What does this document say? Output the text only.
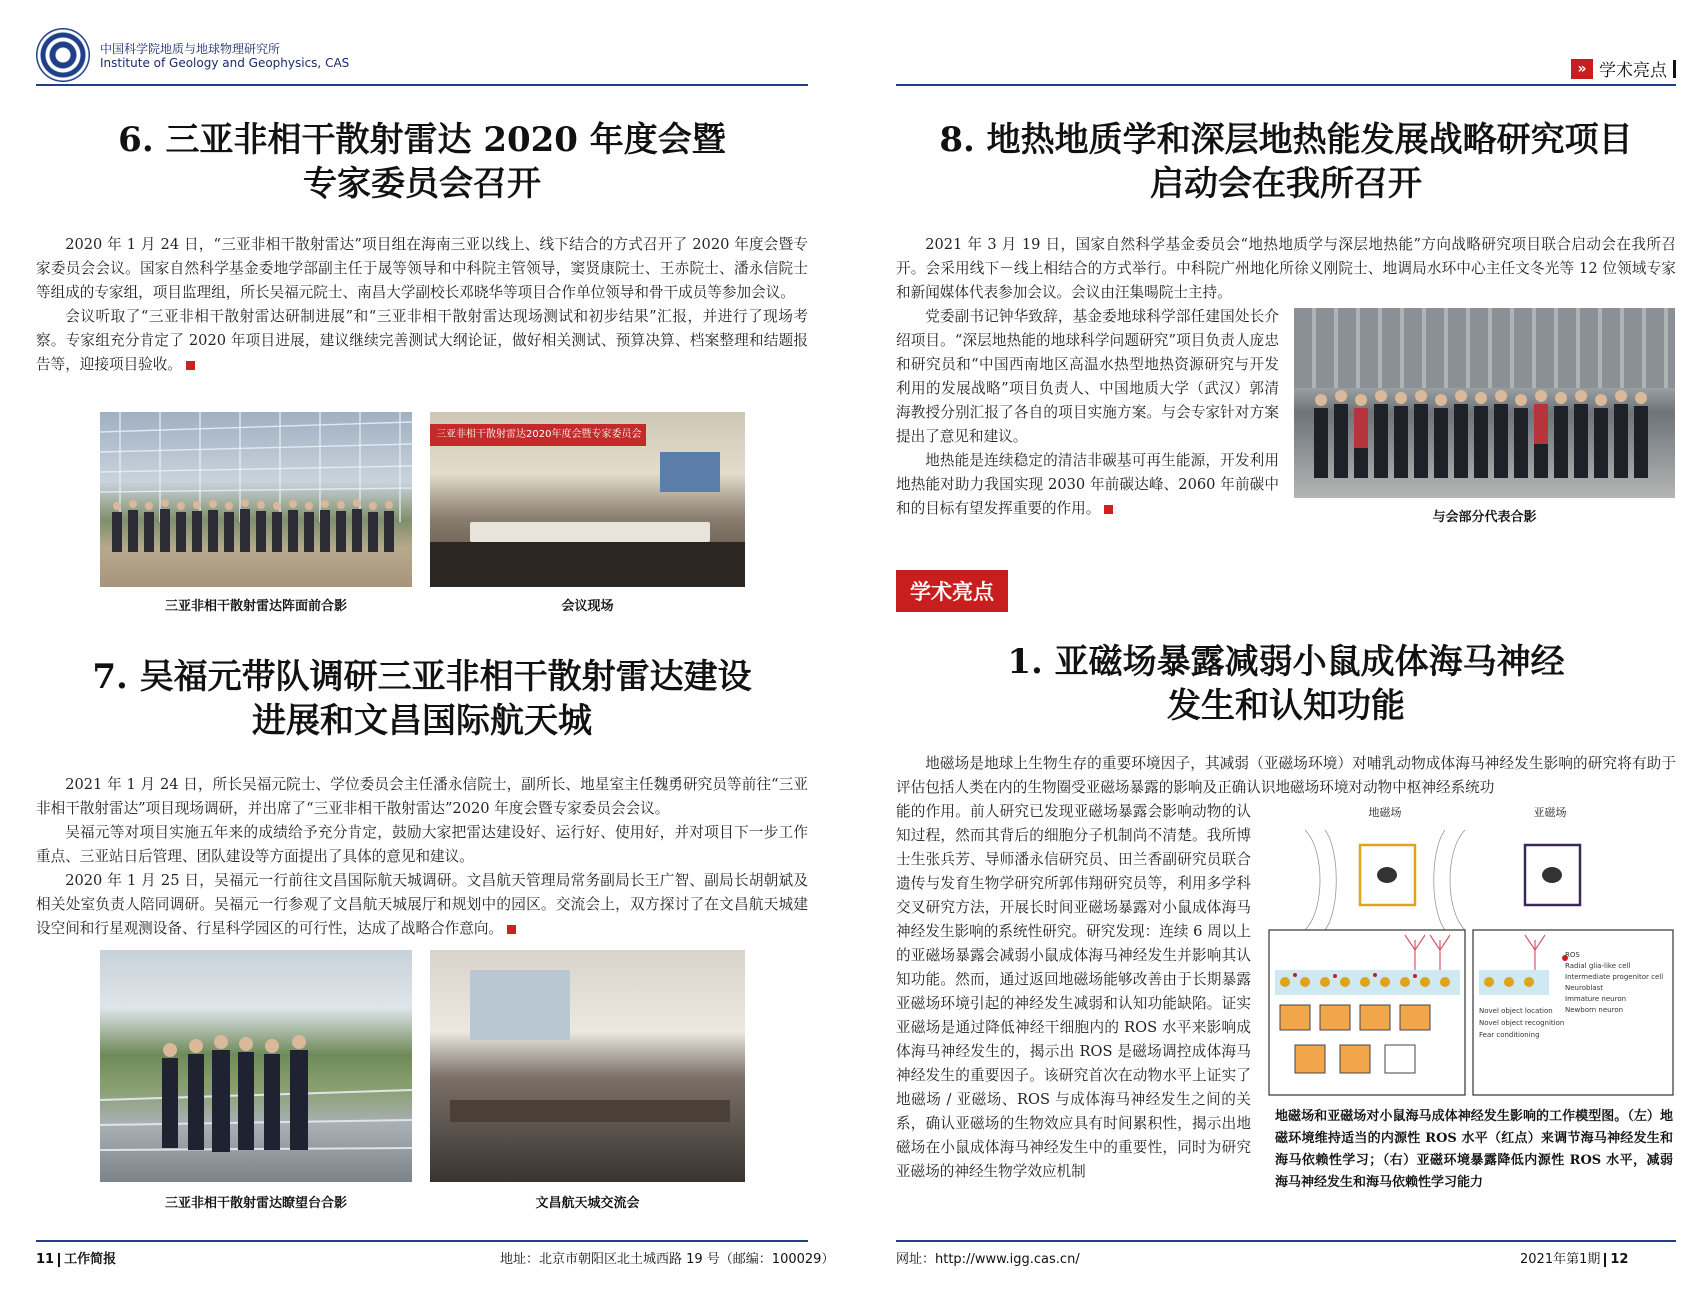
中国科学院地质与地球物理研究所
Institute of Geology and Geophysics, CAS
6. 三亚非相干散射雷达 2020 年度会暨
专家委员会召开

2020 年 1 月 24 日，“三亚非相干散射雷达”项目组在海南三亚以线上、线下结合的方式召开了 2020 年度会暨专家委员会会议。国家自然科学基金委地学部副主任于晟等领导和中科院主管领导，窦贤康院士、王赤院士、潘永信院士等组成的专家组，项目监理组，所长吴福元院士、南昌大学副校长邓晓华等项目合作单位领导和骨干成员等参加会议。

会议听取了“三亚非相干散射雷达研制进展”和“三亚非相干散射雷达现场测试和初步结果”汇报，并进行了现场考察。专家组充分肯定了 2020 年项目进展，建议继续完善测试大纲论证，做好相关测试、预算决算、档案整理和结题报告等，迎接项目验收。

三亚非相干散射雷达阵面前合影
三亚非相干散射雷达2020年度会暨专家委员会
会议现场
7. 吴福元带队调研三亚非相干散射雷达建设
进展和文昌国际航天城

2021 年 1 月 24 日，所长吴福元院士、学位委员会主任潘永信院士，副所长、地星室主任魏勇研究员等前往“三亚非相干散射雷达”项目现场调研，并出席了“三亚非相干散射雷达”2020 年度会暨专家委员会会议。

吴福元等对项目实施五年来的成绩给予充分肯定，鼓励大家把雷达建设好、运行好、使用好，并对项目下一步工作重点、三亚站日后管理、团队建设等方面提出了具体的意见和建议。

2020 年 1 月 25 日，吴福元一行前往文昌国际航天城调研。文昌航天管理局常务副局长王广智、副局长胡朝斌及相关处室负责人陪同调研。吴福元一行参观了文昌航天城展厅和规划中的园区。交流会上，双方探讨了在文昌航天城建设空间和行星观测设备、行星科学园区的可行性，达成了战略合作意向。

三亚非相干散射雷达瞭望台合影	文昌航天城交流会
11 工作简报	地址：北京市朝阳区北土城西路 19 号（邮编：100029）
» 学术亮点
8. 地热地质学和深层地热能发展战略研究项目
启动会在我所召开

2021 年 3 月 19 日，国家自然科学基金委员会“地热地质学与深层地热能”方向战略研究项目联合启动会在我所召开。会采用线下－线上相结合的方式举行。中科院广州地化所徐义刚院士、地调局水环中心主任文冬光等 12 位领域专家和新闻媒体代表参加会议。会议由汪集暘院士主持。

党委副书记钟华致辞，基金委地球科学部任建国处长介绍项目。“深层地热能的地球科学问题研究”项目负责人庞忠和研究员和“中国西南地区高温水热型地热资源研究与开发利用的发展战略”项目负责人、中国地质大学（武汉）郭清海教授分别汇报了各自的项目实施方案。与会专家针对方案提出了意见和建议。

地热能是连续稳定的清洁非碳基可再生能源，开发利用地热能对助力我国实现 2030 年前碳达峰、2060 年前碳中和的目标有望发挥重要的作用。

与会部分代表合影
学术亮点
1. 亚磁场暴露减弱小鼠成体海马神经
发生和认知功能

地磁场是地球上生物生存的重要环境因子，其减弱（亚磁场环境）对哺乳动物成体海马神经发生影响的研究将有助于评估包括人类在内的生物圈受亚磁场暴露的影响及正确认识地磁场环境对动物中枢神经系统功

能的作用。前人研究已发现亚磁场暴露会影响动物的认知过程，然而其背后的细胞分子机制尚不清楚。我所博士生张兵芳、导师潘永信研究员、田兰香副研究员联合遗传与发育生物学研究所郭伟翔研究员等，利用多学科交叉研究方法，开展长时间亚磁场暴露对小鼠成体海马神经发生影响的系统性研究。研究发现：连续 6 周以上的亚磁场暴露会减弱小鼠成体海马神经发生并影响其认知功能。然而，通过返回地磁场能够改善由于长期暴露亚磁场环境引起的神经发生减弱和认知功能缺陷。证实亚磁场是通过降低神经干细胞内的 ROS 水平来影响成体海马神经发生的，揭示出 ROS 是磁场调控成体海马神经发生的重要因子。该研究首次在动物水平上证实了地磁场 / 亚磁场、ROS 与成体海马神经发生之间的关系，确认亚磁场的生物效应具有时间累积性，揭示出地磁场在小鼠成体海马神经发生中的重要性，同时为研究亚磁场的神经生物学效应机制

地磁场	亚磁场
ROS
Radial glia-like cell
Intermediate progenitor cell
Neuroblast
Immature neuron
Newborn neuron
Novel object location
Novel object recognition
Fear conditioning
地磁场和亚磁场对小鼠海马成体神经发生影响的工作模型图。（左）地磁环境维持适当的内源性 ROS 水平（红点）来调节海马神经发生和海马依赖性学习；（右）亚磁环境暴露降低内源性 ROS 水平，减弱海马神经发生和海马依赖性学习能力
网址：http://www.igg.cas.cn/	2021年第1期 12
